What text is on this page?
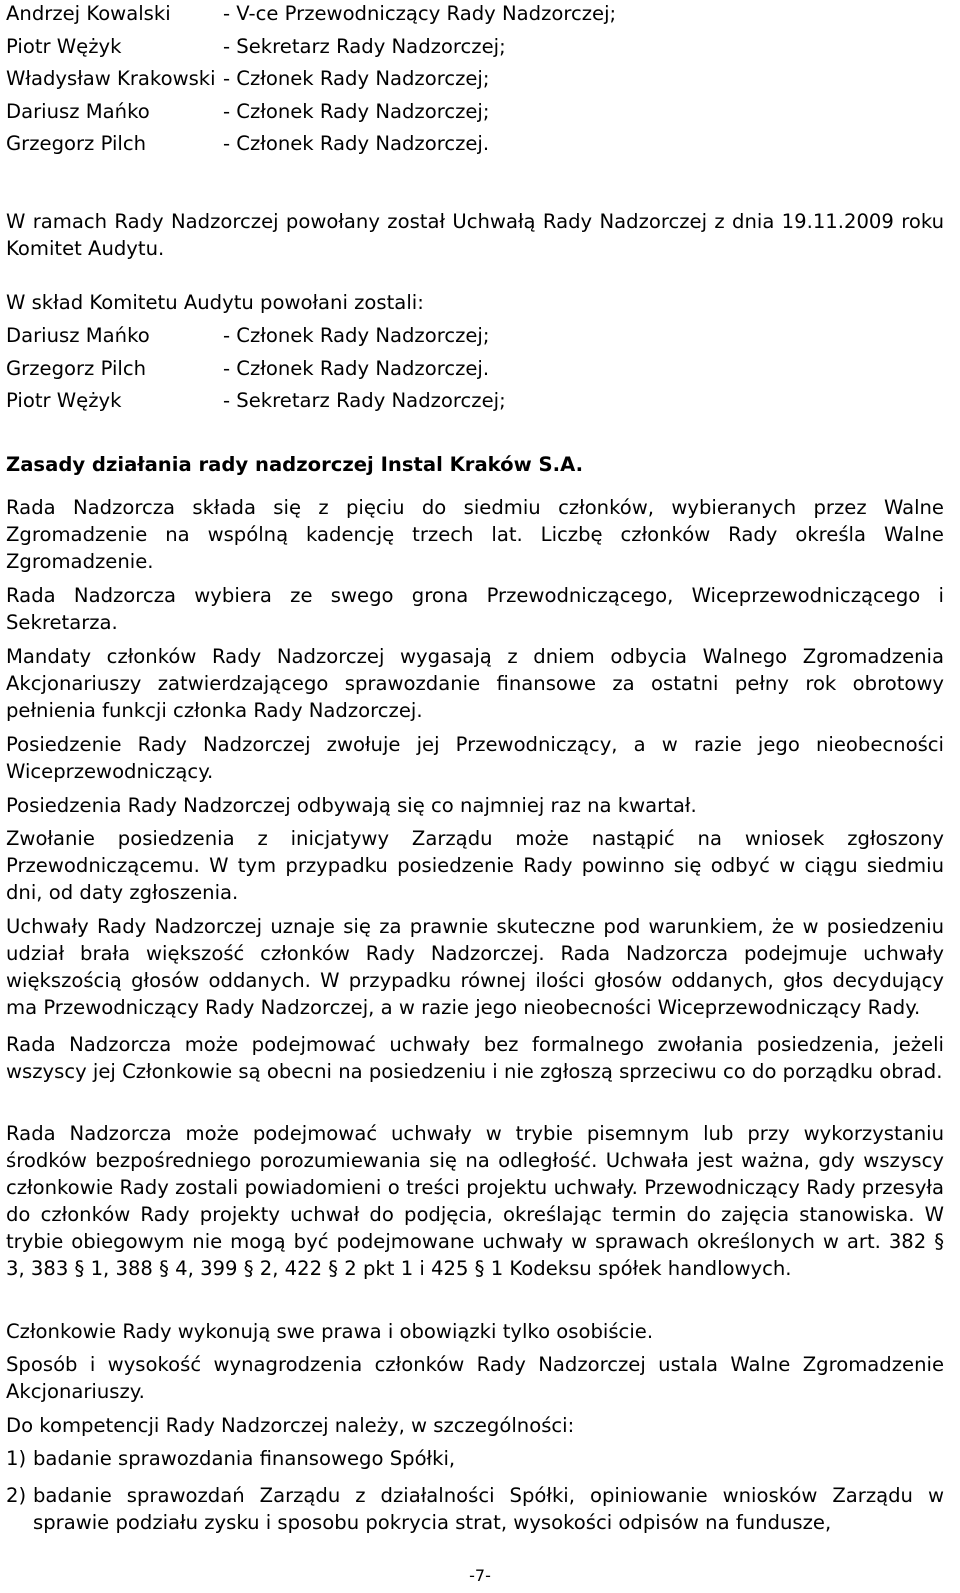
Andrzej Kowalski	- V-ce Przewodniczący Rady Nadzorczej;
Piotr Wężyk	- Sekretarz Rady Nadzorczej;
Władysław Krakowski - Członek Rady Nadzorczej;
Dariusz Mańko	- Członek Rady Nadzorczej;
Grzegorz Pilch	- Członek Rady Nadzorczej.

W ramach Rady Nadzorczej powołany został Uchwałą Rady Nadzorczej z dnia 19.11.2009 roku Komitet Audytu.

W skład Komitetu Audytu powołani zostali:

Dariusz Mańko	- Członek Rady Nadzorczej;
Grzegorz Pilch	- Członek Rady Nadzorczej.
Piotr Wężyk	- Sekretarz Rady Nadzorczej;
Zasady działania rady nadzorczej Instal Kraków S.A.

Rada Nadzorcza składa się z pięciu do siedmiu członków, wybieranych przez Walne Zgromadzenie na wspólną kadencję trzech lat. Liczbę członków Rady określa Walne Zgromadzenie.

Rada Nadzorcza wybiera ze swego grona Przewodniczącego, Wiceprzewodniczącego i Sekretarza.

Mandaty członków Rady Nadzorczej wygasają z dniem odbycia Walnego Zgromadzenia Akcjonariuszy zatwierdzającego sprawozdanie finansowe za ostatni pełny rok obrotowy pełnienia funkcji członka Rady Nadzorczej.

Posiedzenie Rady Nadzorczej zwołuje jej Przewodniczący, a w razie jego nieobecności Wiceprzewodniczący.

Posiedzenia Rady Nadzorczej odbywają się co najmniej raz na kwartał.

Zwołanie posiedzenia z inicjatywy Zarządu może nastąpić na wniosek zgłoszony Przewodniczącemu. W tym przypadku posiedzenie Rady powinno się odbyć w ciągu siedmiu dni, od daty zgłoszenia.

Uchwały Rady Nadzorczej uznaje się za prawnie skuteczne pod warunkiem, że w posiedzeniu udział brała większość członków Rady Nadzorczej. Rada Nadzorcza podejmuje uchwały większością głosów oddanych. W przypadku równej ilości głosów oddanych, głos decydujący ma Przewodniczący Rady Nadzorczej, a w razie jego nieobecności Wiceprzewodniczący Rady.

Rada Nadzorcza może podejmować uchwały bez formalnego zwołania posiedzenia, jeżeli wszyscy jej Członkowie są obecni na posiedzeniu i nie zgłoszą sprzeciwu co do porządku obrad.

Rada Nadzorcza może podejmować uchwały w trybie pisemnym lub przy wykorzystaniu środków bezpośredniego porozumiewania się na odległość. Uchwała jest ważna, gdy wszyscy członkowie Rady zostali powiadomieni o treści projektu uchwały. Przewodniczący Rady przesyła do członków Rady projekty uchwał do podjęcia, określając termin do zajęcia stanowiska. W trybie obiegowym nie mogą być podejmowane uchwały w sprawach określonych w art. 382 § 3, 383 § 1, 388 § 4, 399 § 2, 422 § 2 pkt 1 i 425 § 1 Kodeksu spółek handlowych.

Członkowie Rady wykonują swe prawa i obowiązki tylko osobiście.

Sposób i wysokość wynagrodzenia członków Rady Nadzorczej ustala Walne Zgromadzenie Akcjonariuszy.

Do kompetencji Rady Nadzorczej należy, w szczególności:

1) badanie sprawozdania finansowego Spółki,
2) badanie sprawozdań Zarządu z działalności Spółki, opiniowanie wniosków Zarządu w sprawie podziału zysku i sposobu pokrycia strat, wysokości odpisów na fundusze,
-7-
